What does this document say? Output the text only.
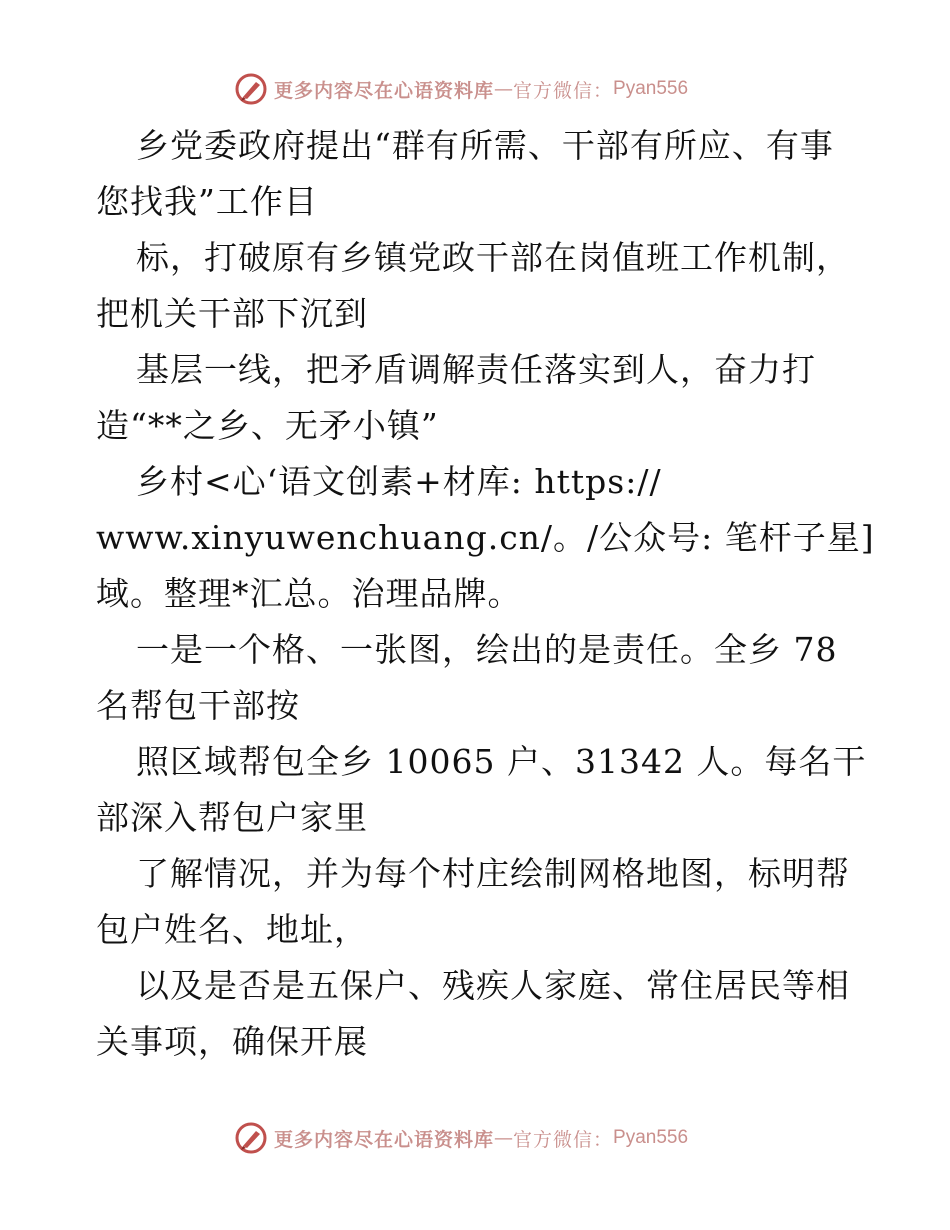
更多内容尽在心语资料库 — 官方微信： Pyan556
乡党委政府提出“群有所需、干部有所应、有事
您找我”工作目
标，打破原有乡镇党政干部在岗值班工作机制，
把机关干部下沉到
基层一线，把矛盾调解责任落实到人，奋力打
造“**之乡、无矛小镇”
乡村<心‘语文创素+材库: https://
www.xinyuwenchuang.cn/。/公众号: 笔杆子星]
域。整理*汇总。治理品牌。
一是一个格、一张图，绘出的是责任。全乡 78
名帮包干部按
照区域帮包全乡 10065 户、31342 人。每名干
部深入帮包户家里
了解情况，并为每个村庄绘制网格地图，标明帮
包户姓名、地址，
以及是否是五保户、残疾人家庭、常住居民等相
关事项，确保开展
更多内容尽在心语资料库 — 官方微信： Pyan556
